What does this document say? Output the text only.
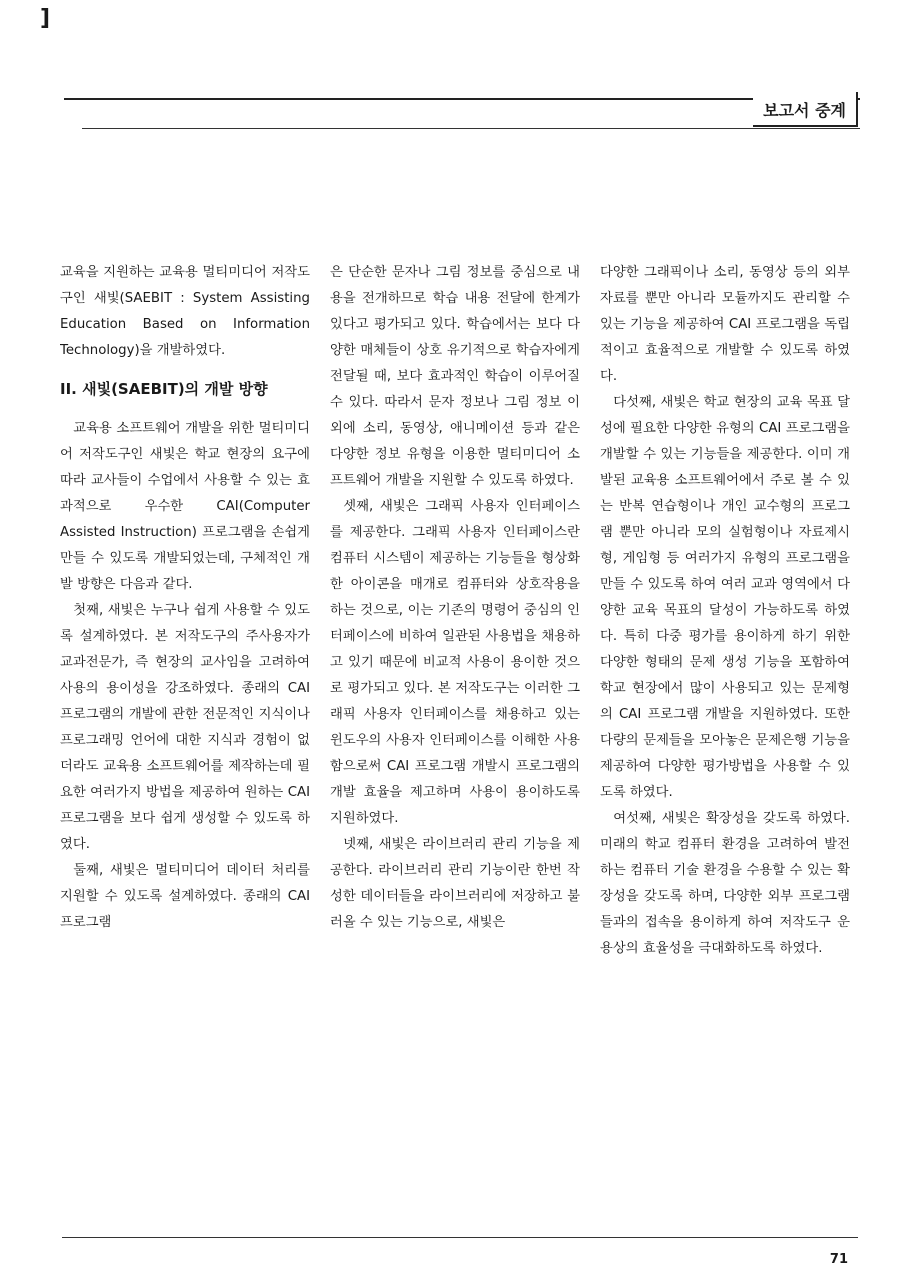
]
보고서 중계

교육을 지원하는 교육용 멀티미디어 저작도구인 새빛(SAEBIT : System Assisting Education Based on Information Technology)을 개발하였다.

II. 새빛(SAEBIT)의 개발 방향

교육용 소프트웨어 개발을 위한 멀티미디어 저작도구인 새빛은 학교 현장의 요구에 따라 교사들이 수업에서 사용할 수 있는 효과적으로 우수한 CAI(Computer Assisted Instruction) 프로그램을 손쉽게 만들 수 있도록 개발되었는데, 구체적인 개발 방향은 다음과 같다.

첫째, 새빛은 누구나 쉽게 사용할 수 있도록 설계하였다. 본 저작도구의 주사용자가 교과전문가, 즉 현장의 교사임을 고려하여 사용의 용이성을 강조하였다. 종래의 CAI 프로그램의 개발에 관한 전문적인 지식이나 프로그래밍 언어에 대한 지식과 경험이 없더라도 교육용 소프트웨어를 제작하는데 필요한 여러가지 방법을 제공하여 원하는 CAI 프로그램을 보다 쉽게 생성할 수 있도록 하였다.

둘째, 새빛은 멀티미디어 데이터 처리를 지원할 수 있도록 설계하였다. 종래의 CAI 프로그램

은 단순한 문자나 그림 정보를 중심으로 내용을 전개하므로 학습 내용 전달에 한계가 있다고 평가되고 있다. 학습에서는 보다 다양한 매체들이 상호 유기적으로 학습자에게 전달될 때, 보다 효과적인 학습이 이루어질 수 있다. 따라서 문자 정보나 그림 정보 이외에 소리, 동영상, 애니메이션 등과 같은 다양한 정보 유형을 이용한 멀티미디어 소프트웨어 개발을 지원할 수 있도록 하였다.

셋째, 새빛은 그래픽 사용자 인터페이스를 제공한다. 그래픽 사용자 인터페이스란 컴퓨터 시스템이 제공하는 기능들을 형상화한 아이콘을 매개로 컴퓨터와 상호작용을 하는 것으로, 이는 기존의 명령어 중심의 인터페이스에 비하여 일관된 사용법을 채용하고 있기 때문에 비교적 사용이 용이한 것으로 평가되고 있다. 본 저작도구는 이러한 그래픽 사용자 인터페이스를 채용하고 있는 윈도우의 사용자 인터페이스를 이해한 사용함으로써 CAI 프로그램 개발시 프로그램의 개발 효율을 제고하며 사용이 용이하도록 지원하였다.

넷째, 새빛은 라이브러리 관리 기능을 제공한다. 라이브러리 관리 기능이란 한번 작성한 데이터들을 라이브러리에 저장하고 불러올 수 있는 기능으로, 새빛은

다양한 그래픽이나 소리, 동영상 등의 외부 자료를 뿐만 아니라 모듈까지도 관리할 수 있는 기능을 제공하여 CAI 프로그램을 독립적이고 효율적으로 개발할 수 있도록 하였다.

다섯째, 새빛은 학교 현장의 교육 목표 달성에 필요한 다양한 유형의 CAI 프로그램을 개발할 수 있는 기능들을 제공한다. 이미 개발된 교육용 소프트웨어에서 주로 볼 수 있는 반복 연습형이나 개인 교수형의 프로그램 뿐만 아니라 모의 실험형이나 자료제시형, 게임형 등 여러가지 유형의 프로그램을 만들 수 있도록 하여 여러 교과 영역에서 다양한 교육 목표의 달성이 가능하도록 하였다. 특히 다중 평가를 용이하게 하기 위한 다양한 형태의 문제 생성 기능을 포함하여 학교 현장에서 많이 사용되고 있는 문제형의 CAI 프로그램 개발을 지원하였다. 또한 다량의 문제들을 모아놓은 문제은행 기능을 제공하여 다양한 평가방법을 사용할 수 있도록 하였다.

여섯째, 새빛은 확장성을 갖도록 하였다. 미래의 학교 컴퓨터 환경을 고려하여 발전하는 컴퓨터 기술 환경을 수용할 수 있는 확장성을 갖도록 하며, 다양한 외부 프로그램들과의 접속을 용이하게 하여 저작도구 운용상의 효율성을 극대화하도록 하였다.

71
